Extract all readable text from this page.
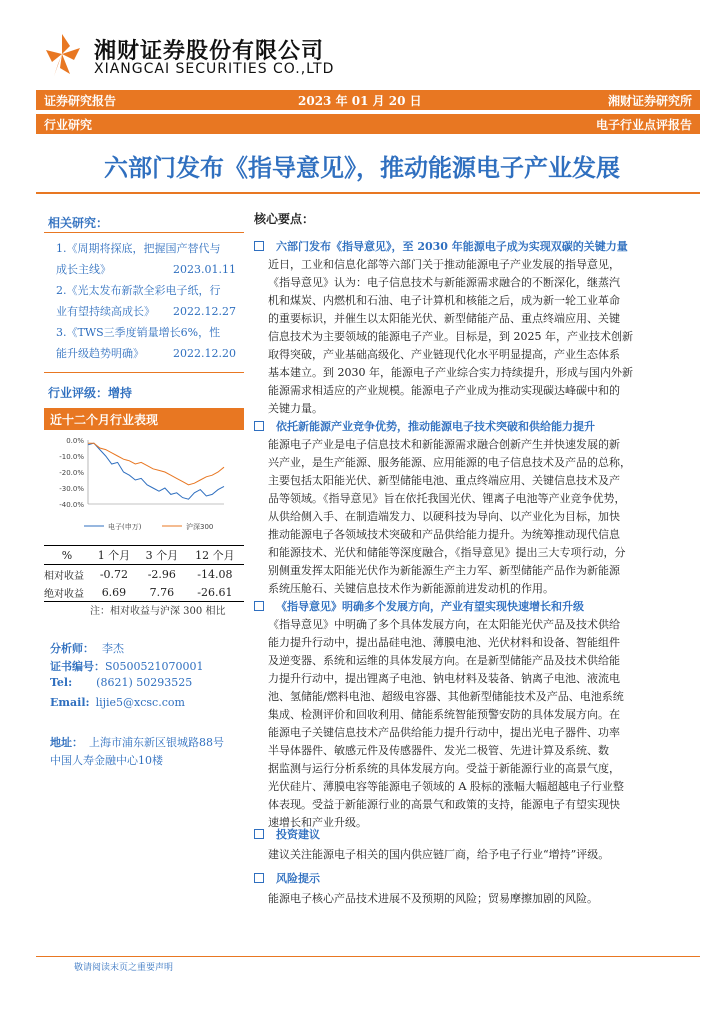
湘财证券股份有限公司
XIANGCAI SECURITIES CO.,LTD
证券研究报告	2023 年 01 月 20 日	湘财证券研究所
行业研究	电子行业点评报告
六部门发布《指导意见》，推动能源电子产业发展
相关研究：
1.《周期将探底，把握国产替代与
成长主线》	2023.01.11
2.《光太发布新款全彩电子纸，行
业有望持续高成长》 2022.12.27
3.《TWS三季度销量增长6%，性
能升级趋势明确》	2022.12.20
行业评级：增持
近十二个月行业表现
0.0%
-10.0%
-20.0%
-30.0%
-40.0%
电子(申万)	沪深300
%	1 个月	3 个月	12 个月
相对收益	-0.72	-2.96	-14.08
绝对收益	6.69	7.76	-26.61
注：相对收益与沪深 300 相比
分析师： 李杰
证书编号：S0500521070001
Tel: (8621) 50293525
Email: lijie5@xcsc.com
地址： 上海市浦东新区银城路88号
中国人寿金融中心10楼
核心要点：
六部门发布《指导意见》，至 2030 年能源电子成为实现双碳的关键力量
近日，工业和信息化部等六部门关于推动能源电子产业发展的指导意见，
《指导意见》认为：电子信息技术与新能源需求融合的不断深化，继蒸汽
机和煤炭、内燃机和石油、电子计算机和核能之后，成为新一轮工业革命
的重要标识，并催生以太阳能光伏、新型储能产品、重点终端应用、关键
信息技术为主要领域的能源电子产业。目标是，到 2025 年，产业技术创新
取得突破，产业基础高级化、产业链现代化水平明显提高，产业生态体系
基本建立。到 2030 年，能源电子产业综合实力持续提升，形成与国内外新
能源需求相适应的产业规模。能源电子产业成为推动实现碳达峰碳中和的
关键力量。
依托新能源产业竞争优势，推动能源电子技术突破和供给能力提升
能源电子产业是电子信息技术和新能源需求融合创新产生并快速发展的新
兴产业，是生产能源、服务能源、应用能源的电子信息技术及产品的总称，
主要包括太阳能光伏、新型储能电池、重点终端应用、关键信息技术及产
品等领域。《指导意见》旨在依托我国光伏、锂离子电池等产业竞争优势，
从供给侧入手、在制造端发力、以硬科技为导向、以产业化为目标，加快
推动能源电子各领域技术突破和产品供给能力提升。为统筹推动现代信息
和能源技术、光伏和储能等深度融合，《指导意见》提出三大专项行动，分
别侧重发挥太阳能光伏作为新能源生产主力军、新型储能产品作为新能源
系统压舱石、关键信息技术作为新能源前进发动机的作用。
《指导意见》明确多个发展方向，产业有望实现快速增长和升级
《指导意见》中明确了多个具体发展方向，在太阳能光伏产品及技术供给
能力提升行动中，提出晶硅电池、薄膜电池、光伏材料和设备、智能组件
及逆变器、系统和运维的具体发展方向。在是新型储能产品及技术供给能
力提升行动中，提出锂离子电池、钠电材料及装备、钠离子电池、液流电
池、氢储能/燃料电池、超级电容器、其他新型储能技术及产品、电池系统
集成、检测评价和回收利用、储能系统智能预警安防的具体发展方向。在
能源电子关键信息技术产品供给能力提升行动中，提出光电子器件、功率
半导体器件、敏感元件及传感器件、发光二极管、先进计算及系统、数
据监测与运行分析系统的具体发展方向。受益于新能源行业的高景气度，
光伏硅片、薄膜电容等能源电子领域的 A 股标的涨幅大幅超越电子行业整
体表现。受益于新能源行业的高景气和政策的支持，能源电子有望实现快
速增长和产业升级。
投资建议
建议关注能源电子相关的国内供应链厂商，给予电子行业“增持”评级。
风险提示
能源电子核心产品技术进展不及预期的风险；贸易摩擦加剧的风险。
敬请阅读末页之重要声明
